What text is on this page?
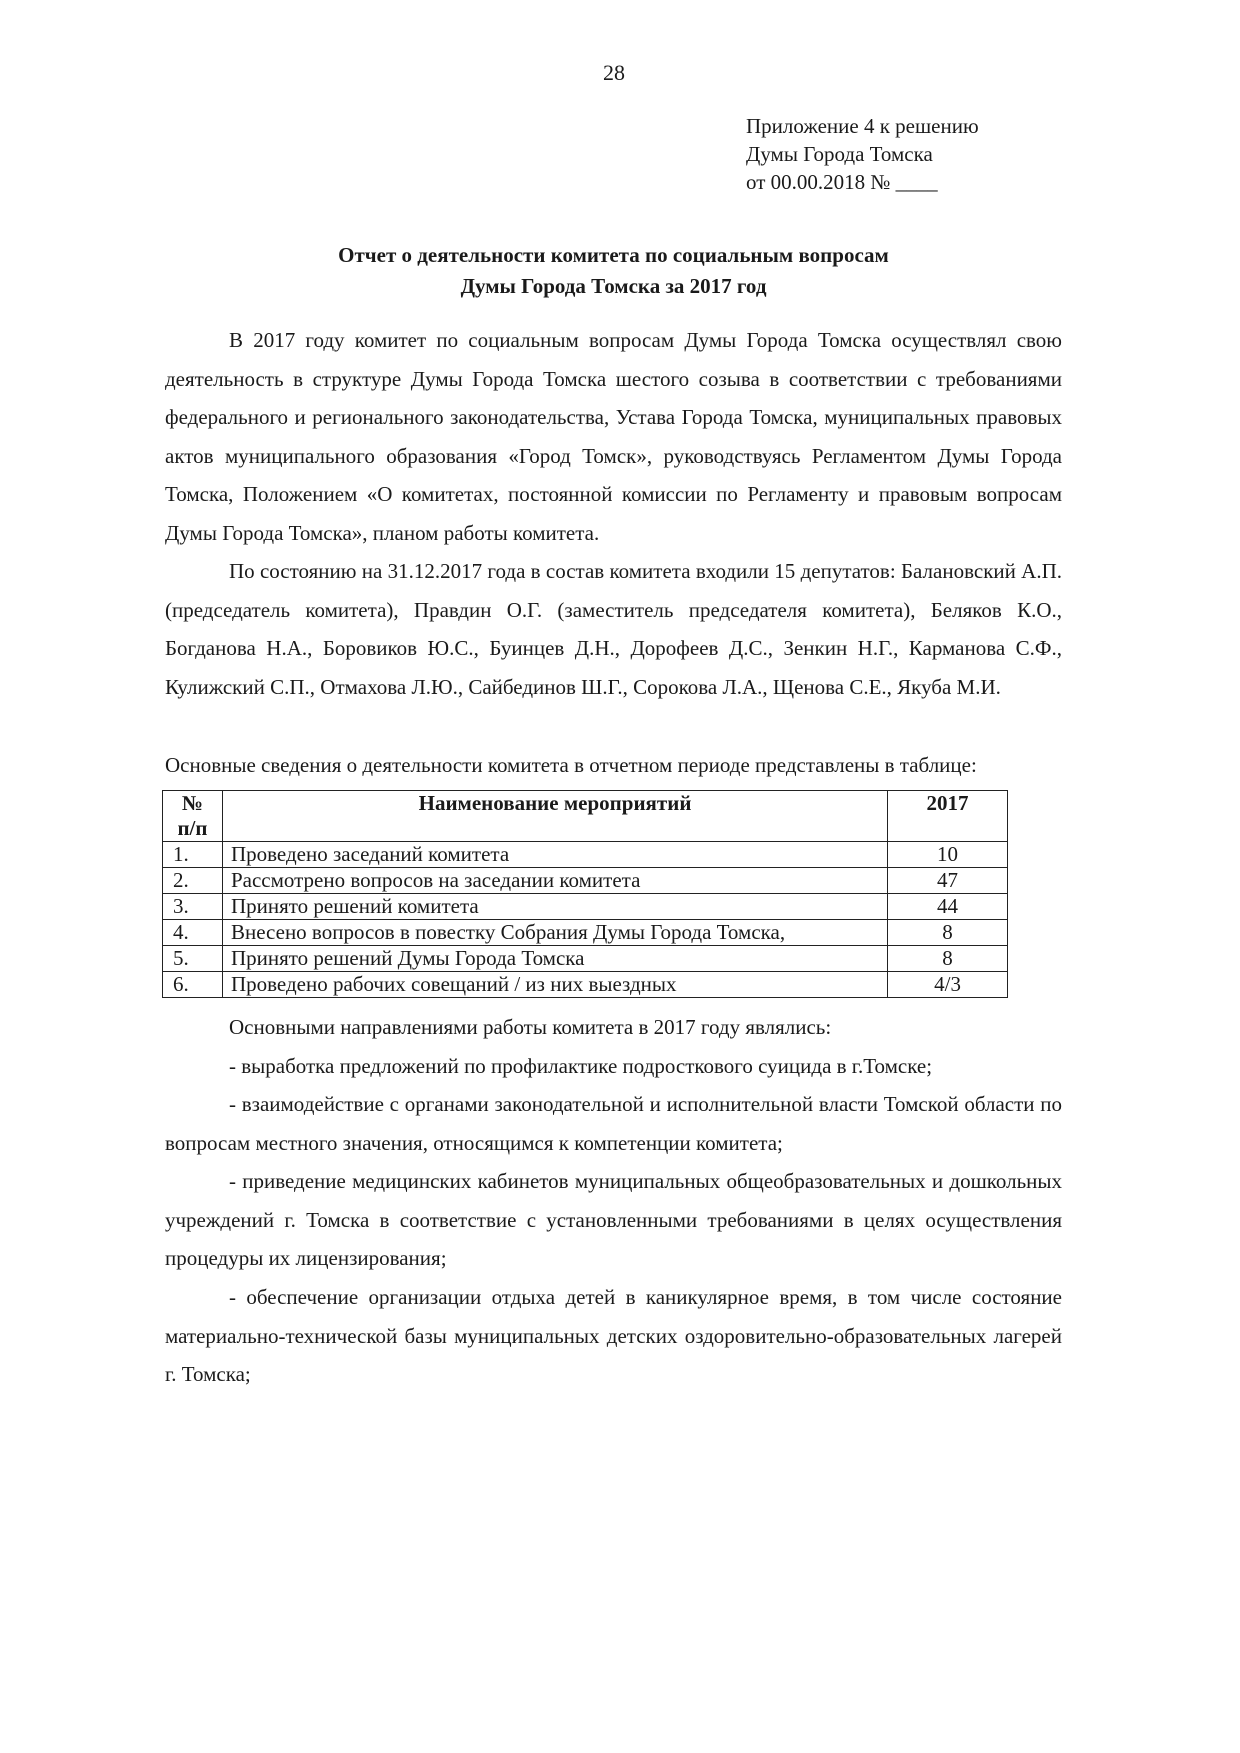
28
Приложение 4 к решению
Думы Города Томска
от 00.00.2018 № ____
Отчет о деятельности комитета по социальным вопросам
Думы Города Томска за 2017 год

В 2017 году комитет по социальным вопросам Думы Города Томска осуществлял свою деятельность в структуре Думы Города Томска шестого созыва в соответствии с требованиями федерального и регионального законодательства, Устава Города Томска, муниципальных правовых актов муниципального образования «Город Томск», руководствуясь Регламентом Думы Города Томска, Положением «О комитетах, постоянной комиссии по Регламенту и правовым вопросам Думы Города Томска», планом работы комитета.

По состоянию на 31.12.2017 года в состав комитета входили 15 депутатов: Балановский А.П. (председатель комитета), Правдин О.Г. (заместитель председателя комитета), Беляков К.О., Богданова Н.А., Боровиков Ю.С., Буинцев Д.Н., Дорофеев Д.С., Зенкин Н.Г., Карманова С.Ф., Кулижский С.П., Отмахова Л.Ю., Сайбединов Ш.Г., Сорокова Л.А., Щенова С.Е., Якуба М.И.

Основные сведения о деятельности комитета в отчетном периоде представлены в таблице:

№ п/п	Наименование мероприятий	2017
1.	Проведено заседаний комитета	10
2.	Рассмотрено вопросов на заседании комитета	47
3.	Принято решений комитета	44
4.	Внесено вопросов в повестку Собрания Думы Города Томска,	8
5.	Принято решений Думы Города Томска	8
6.	Проведено рабочих совещаний / из них выездных	4/3

Основными направлениями работы комитета в 2017 году являлись:

- выработка предложений по профилактике подросткового суицида в г.Томске;

- взаимодействие с органами законодательной и исполнительной власти Томской области по вопросам местного значения, относящимся к компетенции комитета;

- приведение медицинских кабинетов муниципальных общеобразовательных и дошкольных учреждений г. Томска в соответствие с установленными требованиями в целях осуществления процедуры их лицензирования;

- обеспечение организации отдыха детей в каникулярное время, в том числе состояние материально-технической базы муниципальных детских оздоровительно-образовательных лагерей г. Томска;
